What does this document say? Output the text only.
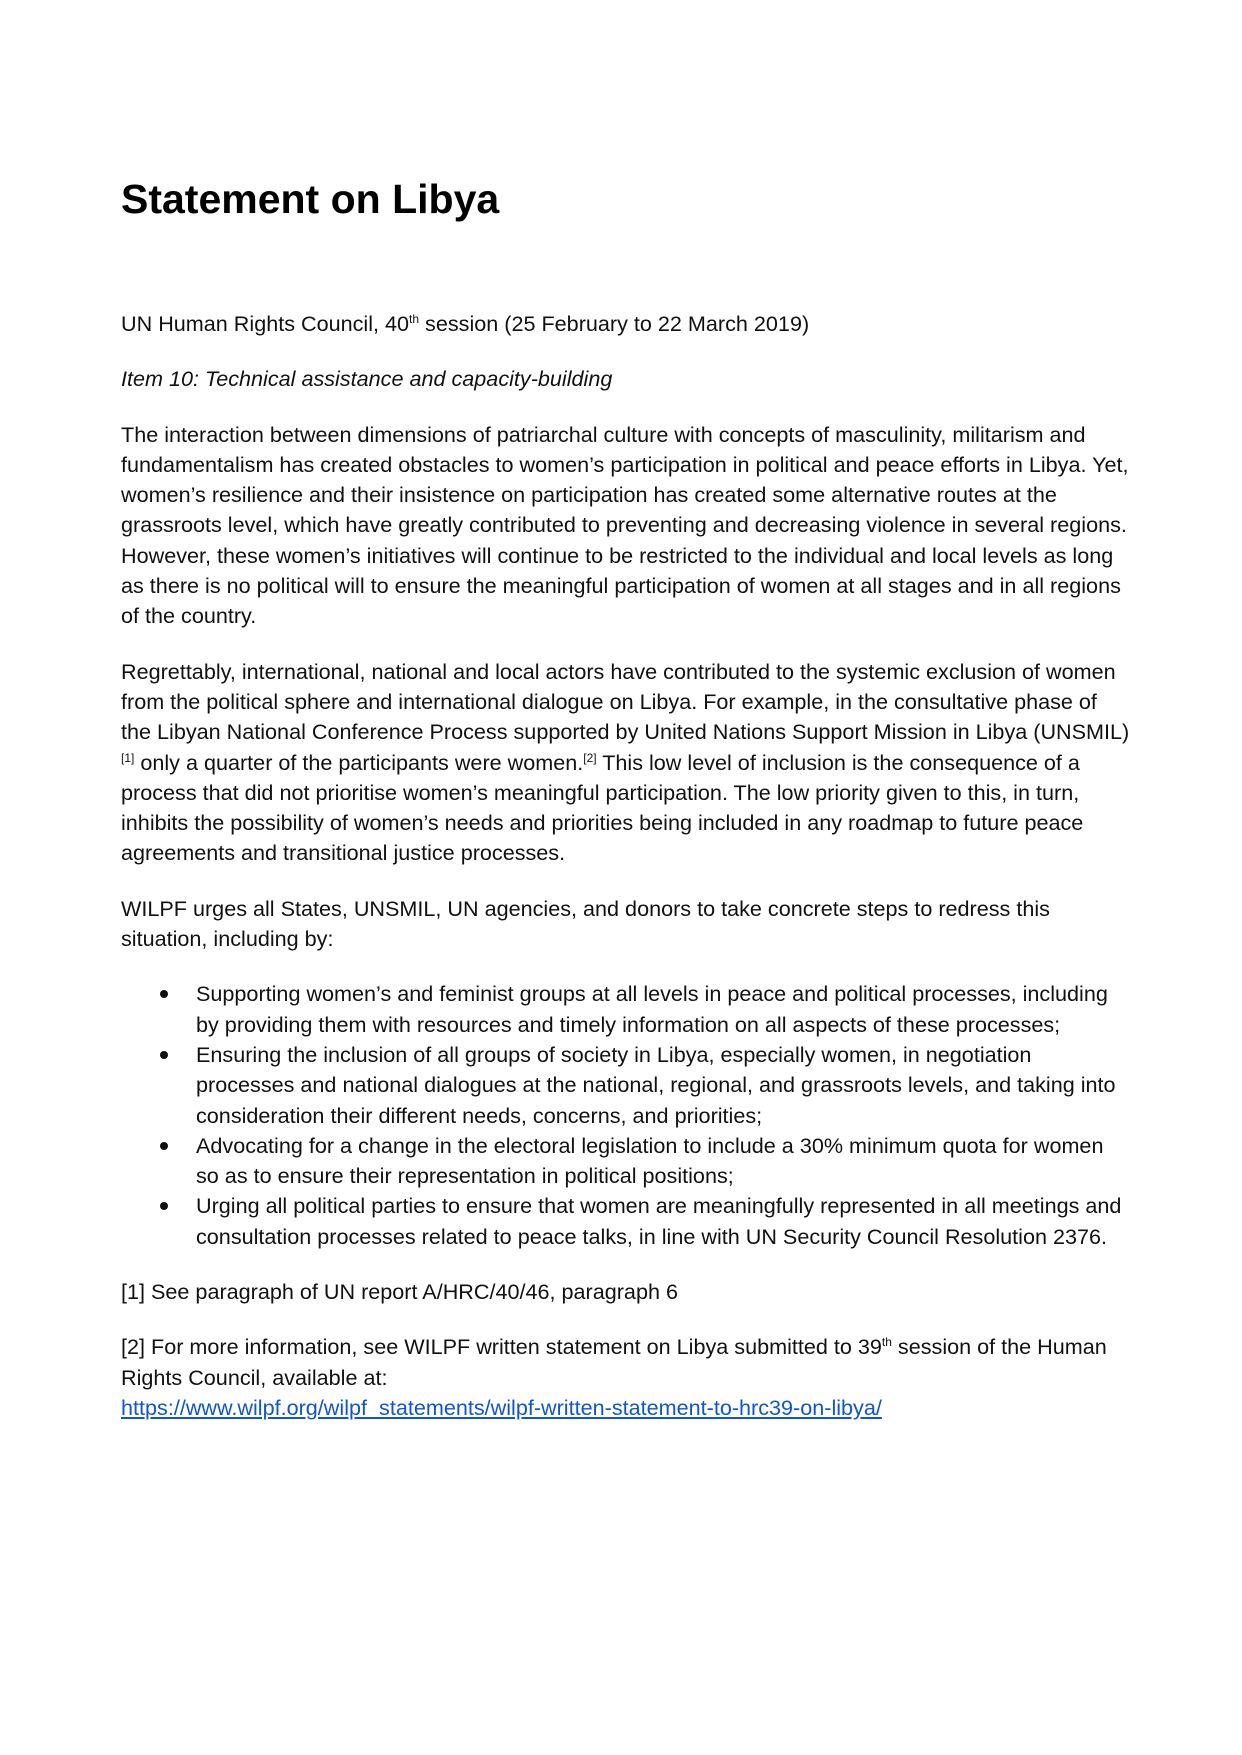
Statement on Libya

UN Human Rights Council, 40th session (25 February to 22 March 2019)

Item 10: Technical assistance and capacity-building

The interaction between dimensions of patriarchal culture with concepts of masculinity, militarism and fundamentalism has created obstacles to women’s participation in political and peace efforts in Libya. Yet, women’s resilience and their insistence on participation has created some alternative routes at the grassroots level, which have greatly contributed to preventing and decreasing violence in several regions. However, these women’s initiatives will continue to be restricted to the individual and local levels as long as there is no political will to ensure the meaningful participation of women at all stages and in all regions of the country.

Regrettably, international, national and local actors have contributed to the systemic exclusion of women from the political sphere and international dialogue on Libya. For example, in the consultative phase of the Libyan National Conference Process supported by United Nations Support Mission in Libya (UNSMIL)[1] only a quarter of the participants were women.[2] This low level of inclusion is the consequence of a process that did not prioritise women’s meaningful participation. The low priority given to this, in turn, inhibits the possibility of women’s needs and priorities being included in any roadmap to future peace agreements and transitional justice processes.

WILPF urges all States, UNSMIL, UN agencies, and donors to take concrete steps to redress this situation, including by:

Supporting women’s and feminist groups at all levels in peace and political processes, including by providing them with resources and timely information on all aspects of these processes;
Ensuring the inclusion of all groups of society in Libya, especially women, in negotiation processes and national dialogues at the national, regional, and grassroots levels, and taking into consideration their different needs, concerns, and priorities;
Advocating for a change in the electoral legislation to include a 30% minimum quota for women so as to ensure their representation in political positions;
Urging all political parties to ensure that women are meaningfully represented in all meetings and consultation processes related to peace talks, in line with UN Security Council Resolution 2376.

[1] See paragraph of UN report A/HRC/40/46, paragraph 6

[2] For more information, see WILPF written statement on Libya submitted to 39th session of the Human Rights Council, available at:
https://www.wilpf.org/wilpf_statements/wilpf-written-statement-to-hrc39-on-libya/
